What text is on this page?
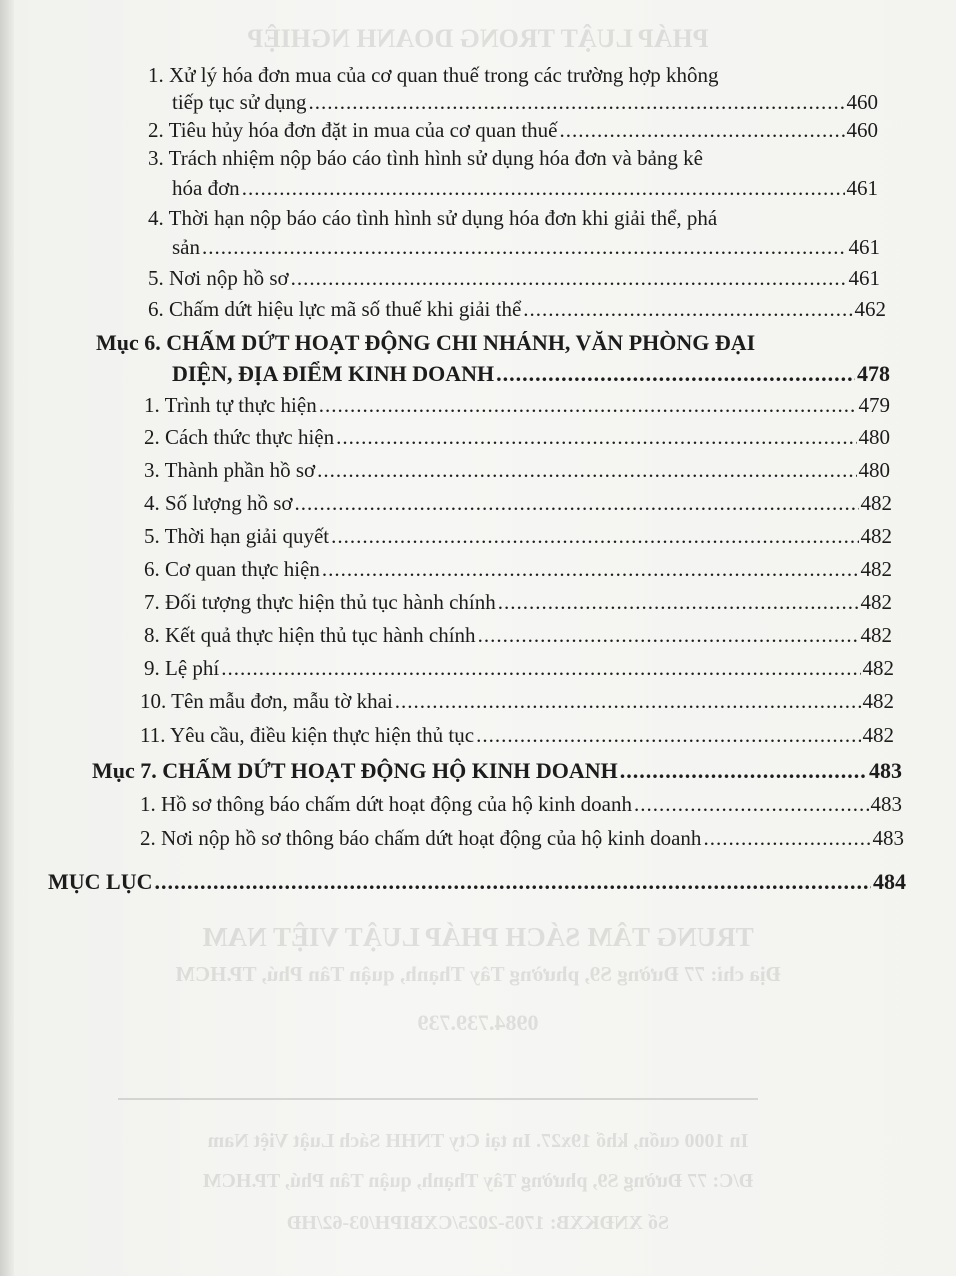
PHÁP LUẬT TRONG DOANH NGHIỆP
TRUNG TÂM SÁCH PHÁP LUẬT VIỆT NAM
Địa chỉ: 77 Đường S9, phường Tây Thạnh, quận Tân Phú, TP.HCM
0984.739.739
In 1000 cuốn, khổ 19x27. In tại Cty TNHH Sách Luật Việt Nam
Đ/C: 77 Đường S9, phường Tây Thạnh, quận Tân Phú, TP.HCM
Số XNĐKXB: 1705-2025/CXBIPH/03-62/HĐ
1. Xử lý hóa đơn mua của cơ quan thuế trong các trường hợp không
tiếp tục sử dụng .....	460
2. Tiêu hủy hóa đơn đặt in mua của cơ quan thuế .....	460
3. Trách nhiệm nộp báo cáo tình hình sử dụng hóa đơn và bảng kê
hóa đơn .....	461
4. Thời hạn nộp báo cáo tình hình sử dụng hóa đơn khi giải thể, phá
sản .....	461
5. Nơi nộp hồ sơ .....	461
6. Chấm dứt hiệu lực mã số thuế khi giải thể .....	462
Mục 6. CHẤM DỨT HOẠT ĐỘNG CHI NHÁNH, VĂN PHÒNG ĐẠI
DIỆN, ĐỊA ĐIỂM KINH DOANH .....	478
1. Trình tự thực hiện .....	479
2. Cách thức thực hiện .....	480
3. Thành phần hồ sơ .....	480
4. Số lượng hồ sơ .....	482
5. Thời hạn giải quyết .....	482
6. Cơ quan thực hiện .....	482
7. Đối tượng thực hiện thủ tục hành chính .....	482
8. Kết quả thực hiện thủ tục hành chính .....	482
9. Lệ phí .....	482
10. Tên mẫu đơn, mẫu tờ khai .....	482
11. Yêu cầu, điều kiện thực hiện thủ tục .....	482
Mục 7. CHẤM DỨT HOẠT ĐỘNG HỘ KINH DOANH .....	483
1. Hồ sơ thông báo chấm dứt hoạt động của hộ kinh doanh .....	483
2. Nơi nộp hồ sơ thông báo chấm dứt hoạt động của hộ kinh doanh .....	483
MỤC LỤC .....	484
